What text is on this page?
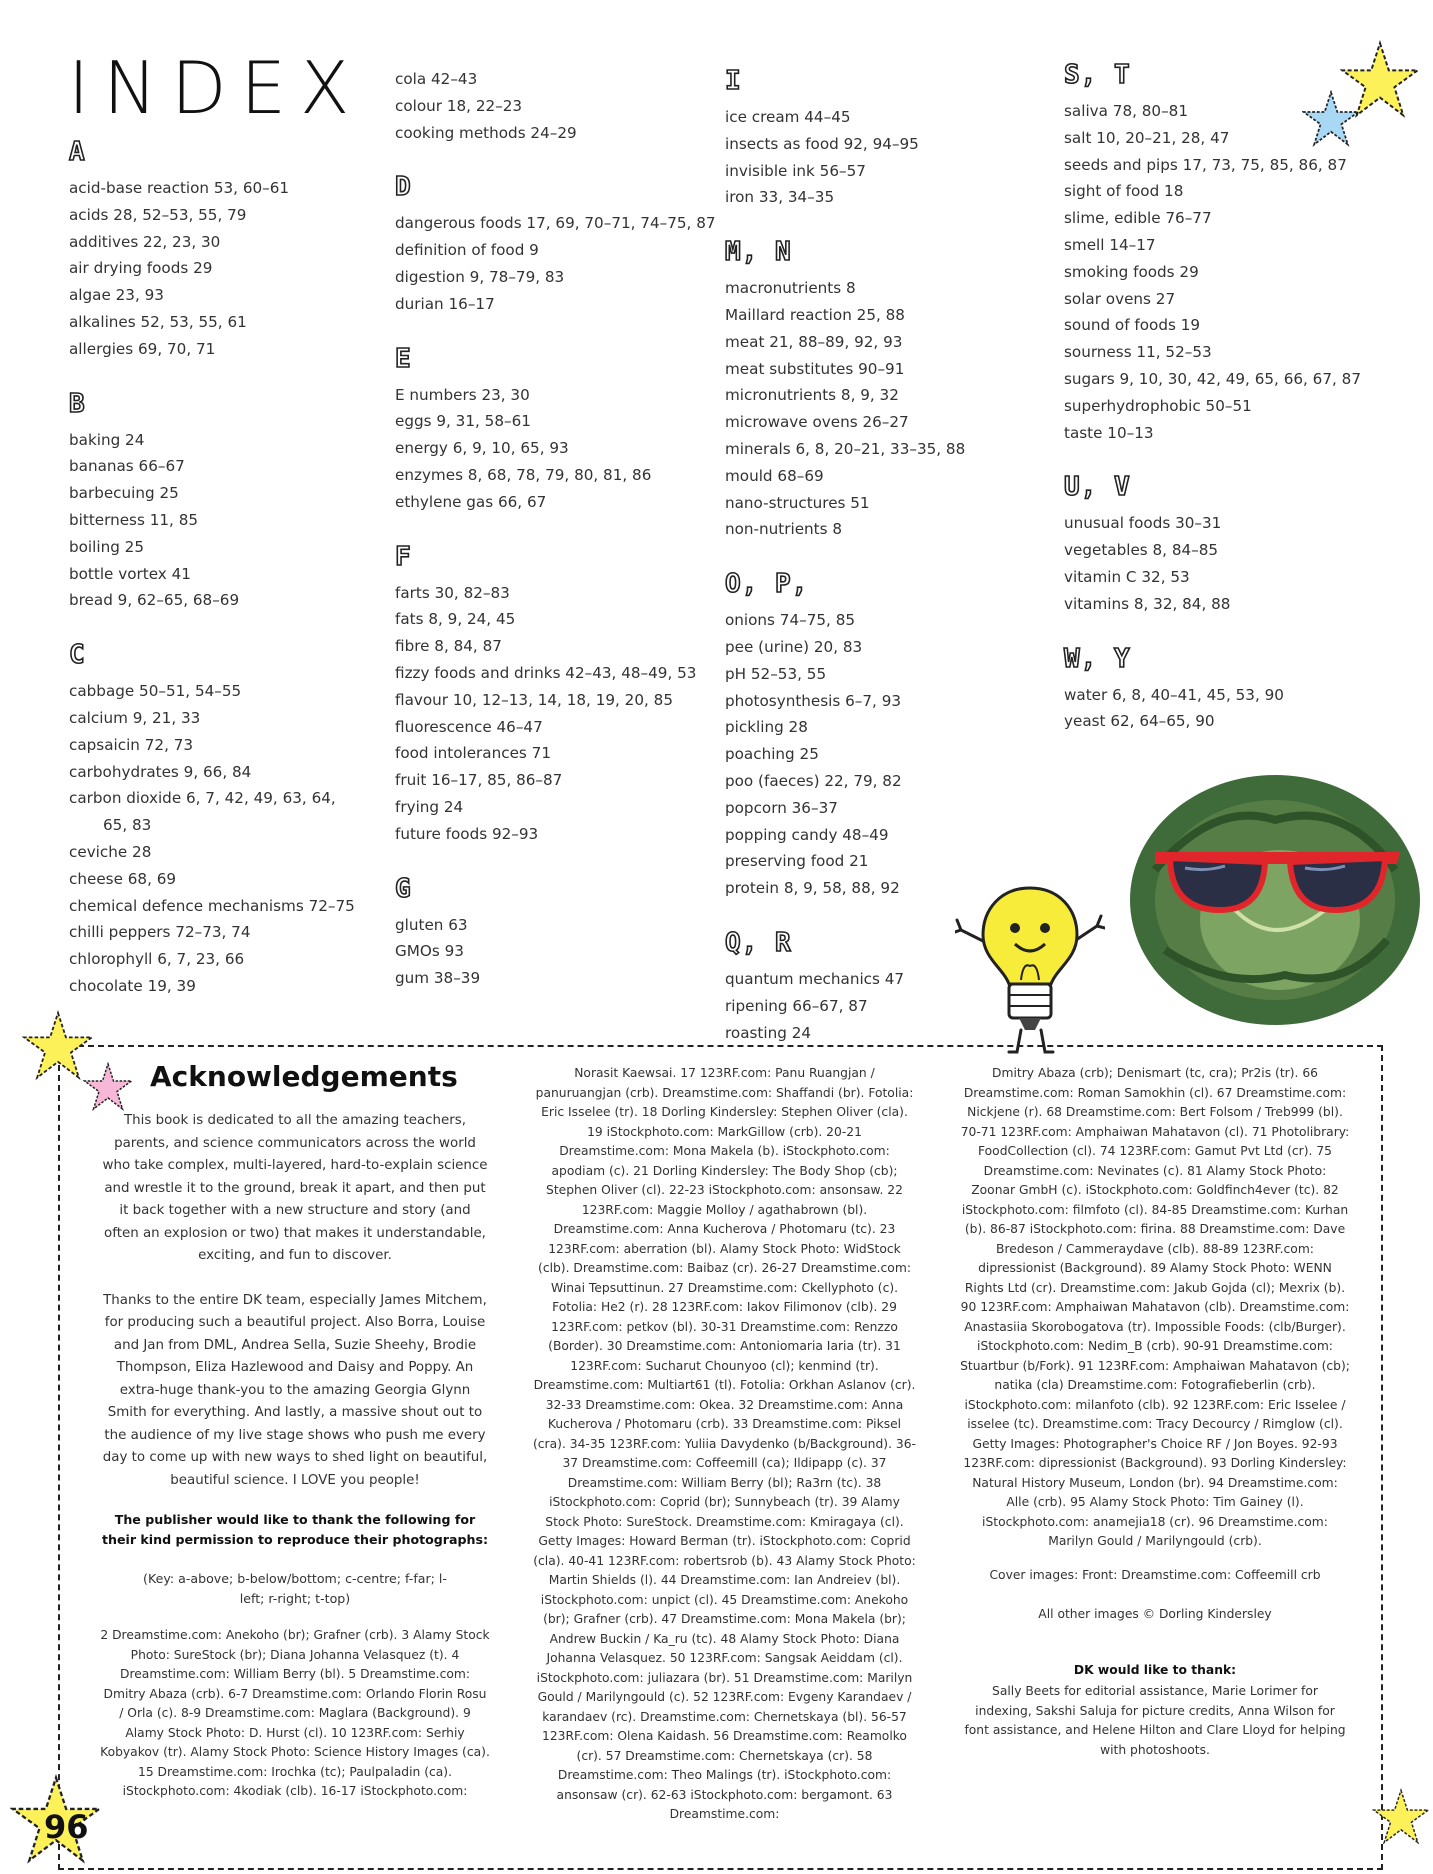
INDEX
A
acid-base reaction 53, 60–61
acids 28, 52–53, 55, 79
additives 22, 23, 30
air drying foods 29
algae 23, 93
alkalines 52, 53, 55, 61
allergies 69, 70, 71
B
baking 24
bananas 66–67
barbecuing 25
bitterness 11, 85
boiling 25
bottle vortex 41
bread 9, 62–65, 68–69
C
cabbage 50–51, 54–55
calcium 9, 21, 33
capsaicin 72, 73
carbohydrates 9, 66, 84
carbon dioxide 6, 7, 42, 49, 63, 64,
65, 83
ceviche 28
cheese 68, 69
chemical defence mechanisms 72–75
chilli peppers 72–73, 74
chlorophyll 6, 7, 23, 66
chocolate 19, 39
cola 42–43
colour 18, 22–23
cooking methods 24–29
D
dangerous foods 17, 69, 70–71, 74–75, 87
definition of food 9
digestion 9, 78–79, 83
durian 16–17
E
E numbers 23, 30
eggs 9, 31, 58–61
energy 6, 9, 10, 65, 93
enzymes 8, 68, 78, 79, 80, 81, 86
ethylene gas 66, 67
F
farts 30, 82–83
fats 8, 9, 24, 45
fibre 8, 84, 87
fizzy foods and drinks 42–43, 48–49, 53
flavour 10, 12–13, 14, 18, 19, 20, 85
fluorescence 46–47
food intolerances 71
fruit 16–17, 85, 86–87
frying 24
future foods 92–93
G
gluten 63
GMOs 93
gum 38–39
I
ice cream 44–45
insects as food 92, 94–95
invisible ink 56–57
iron 33, 34–35
M, N
macronutrients 8
Maillard reaction 25, 88
meat 21, 88–89, 92, 93
meat substitutes 90–91
micronutrients 8, 9, 32
microwave ovens 26–27
minerals 6, 8, 20–21, 33–35, 88
mould 68–69
nano-structures 51
non-nutrients 8
O, P,
onions 74–75, 85
pee (urine) 20, 83
pH 52–53, 55
photosynthesis 6–7, 93
pickling 28
poaching 25
poo (faeces) 22, 79, 82
popcorn 36–37
popping candy 48–49
preserving food 21
protein 8, 9, 58, 88, 92
Q, R
quantum mechanics 47
ripening 66–67, 87
roasting 24
S, T
saliva 78, 80–81
salt 10, 20–21, 28, 47
seeds and pips 17, 73, 75, 85, 86, 87
sight of food 18
slime, edible 76–77
smell 14–17
smoking foods 29
solar ovens 27
sound of foods 19
sourness 11, 52–53
sugars 9, 10, 30, 42, 49, 65, 66, 67, 87
superhydrophobic 50–51
taste 10–13
U, V
unusual foods 30–31
vegetables 8, 84–85
vitamin C 32, 53
vitamins 8, 32, 84, 88
W, Y
water 6, 8, 40–41, 45, 53, 90
yeast 62, 64–65, 90
96
Acknowledgements

This book is dedicated to all the amazing teachers, parents, and science communicators across the world who take complex, multi-layered, hard-to-explain science and wrestle it to the ground, break it apart, and then put it back together with a new structure and story (and often an explosion or two) that makes it understandable, exciting, and fun to discover.

Thanks to the entire DK team, especially James Mitchem, for producing such a beautiful project. Also Borra, Louise and Jan from DML, Andrea Sella, Suzie Sheehy, Brodie Thompson, Eliza Hazlewood and Daisy and Poppy. An extra-huge thank-you to the amazing Georgia Glynn Smith for everything. And lastly, a massive shout out to the audience of my live stage shows who push me every day to come up with new ways to shed light on beautiful, beautiful science. I LOVE you people!

The publisher would like to thank the following for their kind permission to reproduce their photographs:

(Key: a-above; b-below/bottom; c-centre; f-far; l-left; r-right; t-top)

2 Dreamstime.com: Anekoho (br); Grafner (crb). 3 Alamy Stock Photo: SureStock (br); Diana Johanna Velasquez (t). 4 Dreamstime.com: William Berry (bl). 5 Dreamstime.com: Dmitry Abaza (crb). 6-7 Dreamstime.com: Orlando Florin Rosu / Orla (c). 8-9 Dreamstime.com: Maglara (Background). 9 Alamy Stock Photo: D. Hurst (cl). 10 123RF.com: Serhiy Kobyakov (tr). Alamy Stock Photo: Science History Images (ca). 15 Dreamstime.com: Irochka (tc); Paulpaladin (ca). iStockphoto.com: 4kodiak (clb). 16-17 iStockphoto.com:

Norasit Kaewsai. 17 123RF.com: Panu Ruangjan / panuruangjan (crb). Dreamstime.com: Shaffandi (br). Fotolia: Eric Isselee (tr). 18 Dorling Kindersley: Stephen Oliver (cla). 19 iStockphoto.com: MarkGillow (crb). 20-21 Dreamstime.com: Mona Makela (b). iStockphoto.com: apodiam (c). 21 Dorling Kindersley: The Body Shop (cb); Stephen Oliver (cl). 22-23 iStockphoto.com: ansonsaw. 22 123RF.com: Maggie Molloy / agathabrown (bl). Dreamstime.com: Anna Kucherova / Photomaru (tc). 23 123RF.com: aberration (bl). Alamy Stock Photo: WidStock (clb). Dreamstime.com: Baibaz (cr). 26-27 Dreamstime.com: Winai Tepsuttinun. 27 Dreamstime.com: Ckellyphoto (c). Fotolia: He2 (r). 28 123RF.com: Iakov Filimonov (clb). 29 123RF.com: petkov (bl). 30-31 Dreamstime.com: Renzzo (Border). 30 Dreamstime.com: Antoniomaria Iaria (tr). 31 123RF.com: Sucharut Chounyoo (cl); kenmind (tr). Dreamstime.com: Multiart61 (tl). Fotolia: Orkhan Aslanov (cr). 32-33 Dreamstime.com: Okea. 32 Dreamstime.com: Anna Kucherova / Photomaru (crb). 33 Dreamstime.com: Piksel (cra). 34-35 123RF.com: Yuliia Davydenko (b/Background). 36-37 Dreamstime.com: Coffeemill (ca); Ildipapp (c). 37 Dreamstime.com: William Berry (bl); Ra3rn (tc). 38 iStockphoto.com: Coprid (br); Sunnybeach (tr). 39 Alamy Stock Photo: SureStock. Dreamstime.com: Kmiragaya (cl). Getty Images: Howard Berman (tr). iStockphoto.com: Coprid (cla). 40-41 123RF.com: robertsrob (b). 43 Alamy Stock Photo: Martin Shields (l). 44 Dreamstime.com: Ian Andreiev (bl). iStockphoto.com: unpict (cl). 45 Dreamstime.com: Anekoho (br); Grafner (crb). 47 Dreamstime.com: Mona Makela (br); Andrew Buckin / Ka_ru (tc). 48 Alamy Stock Photo: Diana Johanna Velasquez. 50 123RF.com: Sangsak Aeiddam (cl). iStockphoto.com: juliazara (br). 51 Dreamstime.com: Marilyn Gould / Marilyngould (c). 52 123RF.com: Evgeny Karandaev / karandaev (rc). Dreamstime.com: Chernetskaya (bl). 56-57 123RF.com: Olena Kaidash. 56 Dreamstime.com: Reamolko (cr). 57 Dreamstime.com: Chernetskaya (cr). 58 Dreamstime.com: Theo Malings (tr). iStockphoto.com: ansonsaw (cr). 62-63 iStockphoto.com: bergamont. 63 Dreamstime.com:

Dmitry Abaza (crb); Denismart (tc, cra); Pr2is (tr). 66 Dreamstime.com: Roman Samokhin (cl). 67 Dreamstime.com: Nickjene (r). 68 Dreamstime.com: Bert Folsom / Treb999 (bl). 70-71 123RF.com: Amphaiwan Mahatavon (cl). 71 Photolibrary: FoodCollection (cl). 74 123RF.com: Gamut Pvt Ltd (cr). 75 Dreamstime.com: Nevinates (c). 81 Alamy Stock Photo: Zoonar GmbH (c). iStockphoto.com: Goldfinch4ever (tc). 82 iStockphoto.com: filmfoto (cl). 84-85 Dreamstime.com: Kurhan (b). 86-87 iStockphoto.com: firina. 88 Dreamstime.com: Dave Bredeson / Cammeraydave (clb). 88-89 123RF.com: dipressionist (Background). 89 Alamy Stock Photo: WENN Rights Ltd (cr). Dreamstime.com: Jakub Gojda (cl); Mexrix (b). 90 123RF.com: Amphaiwan Mahatavon (clb). Dreamstime.com: Anastasiia Skorobogatova (tr). Impossible Foods: (clb/Burger). iStockphoto.com: Nedim_B (crb). 90-91 Dreamstime.com: Stuartbur (b/Fork). 91 123RF.com: Amphaiwan Mahatavon (cb); natika (cla) Dreamstime.com: Fotografieberlin (crb). iStockphoto.com: milanfoto (clb). 92 123RF.com: Eric Isselee / isselee (tc). Dreamstime.com: Tracy Decourcy / Rimglow (cl). Getty Images: Photographer's Choice RF / Jon Boyes. 92-93 123RF.com: dipressionist (Background). 93 Dorling Kindersley: Natural History Museum, London (br). 94 Dreamstime.com: Alle (crb). 95 Alamy Stock Photo: Tim Gainey (l). iStockphoto.com: anamejia18 (cr). 96 Dreamstime.com: Marilyn Gould / Marilyngould (crb).

Cover images: Front: Dreamstime.com: Coffeemill crb

All other images © Dorling Kindersley

DK would like to thank:

Sally Beets for editorial assistance, Marie Lorimer for indexing, Sakshi Saluja for picture credits, Anna Wilson for font assistance, and Helene Hilton and Clare Lloyd for helping with photoshoots.
